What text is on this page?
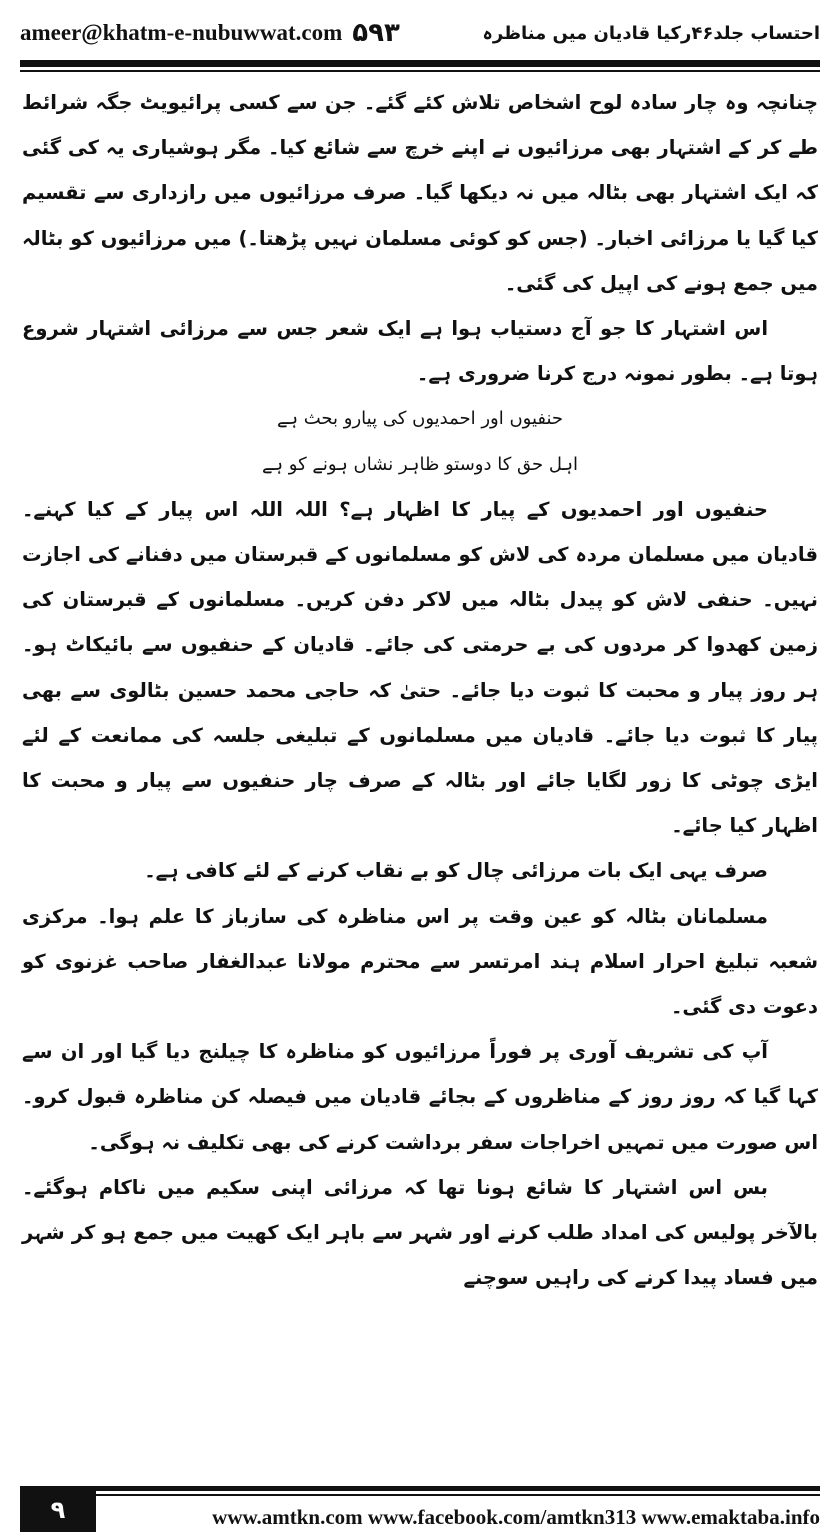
ameer@khatm-e-nubuwwat.com ۵۹۳	احتساب جلد۴۶رکیا قادیان میں مناظرہ

چنانچہ وہ چار سادہ لوح اشخاص تلاش کئے گئے۔ جن سے کسی پرائیویٹ جگہ شرائط طے کر کے اشتہار بھی مرزائیوں نے اپنے خرچ سے شائع کیا۔ مگر ہوشیاری یہ کی گئی کہ ایک اشتہار بھی بٹالہ میں نہ دیکھا گیا۔ صرف مرزائیوں میں رازداری سے تقسیم کیا گیا یا مرزائی اخبار۔ (جس کو کوئی مسلمان نہیں پڑھتا۔) میں مرزائیوں کو بٹالہ میں جمع ہونے کی اپیل کی گئی۔

اس اشتہار کا جو آج دستیاب ہوا ہے ایک شعر جس سے مرزائی اشتہار شروع ہوتا ہے۔ بطور نمونہ درج کرنا ضروری ہے۔

حنفیوں اور احمدیوں کی پیارو بحث ہے

اہل حق کا دوستو ظاہر نشاں ہونے کو ہے

حنفیوں اور احمدیوں کے پیار کا اظہار ہے؟ اللہ اللہ اس پیار کے کیا کہنے۔ قادیان میں مسلمان مردہ کی لاش کو مسلمانوں کے قبرستان میں دفنانے کی اجازت نہیں۔ حنفی لاش کو پیدل بٹالہ میں لاکر دفن کریں۔ مسلمانوں کے قبرستان کی زمین کھدوا کر مردوں کی بے حرمتی کی جائے۔ قادیان کے حنفیوں سے بائیکاٹ ہو۔ ہر روز پیار و محبت کا ثبوت دیا جائے۔ حتیٰ کہ حاجی محمد حسین بٹالوی سے بھی پیار کا ثبوت دیا جائے۔ قادیان میں مسلمانوں کے تبلیغی جلسہ کی ممانعت کے لئے ایڑی چوٹی کا زور لگایا جائے اور بٹالہ کے صرف چار حنفیوں سے پیار و محبت کا اظہار کیا جائے۔

صرف یہی ایک بات مرزائی چال کو بے نقاب کرنے کے لئے کافی ہے۔

مسلمانان بٹالہ کو عین وقت پر اس مناظرہ کی سازباز کا علم ہوا۔ مرکزی شعبہ تبلیغ احرار اسلام ہند امرتسر سے محترم مولانا عبدالغفار صاحب غزنوی کو دعوت دی گئی۔

آپ کی تشریف آوری پر فوراً مرزائیوں کو مناظرہ کا چیلنج دیا گیا اور ان سے کہا گیا کہ روز روز کے مناظروں کے بجائے قادیان میں فیصلہ کن مناظرہ قبول کرو۔ اس صورت میں تمہیں اخراجات سفر برداشت کرنے کی بھی تکلیف نہ ہوگی۔

بس اس اشتہار کا شائع ہونا تھا کہ مرزائی اپنی سکیم میں ناکام ہوگئے۔ بالآخر پولیس کی امداد طلب کرنے اور شہر سے باہر ایک کھیت میں جمع ہو کر شہر میں فساد پیدا کرنے کی راہیں سوچنے

۹	www.amtkn.com www.facebook.com/amtkn313 www.emaktaba.info
